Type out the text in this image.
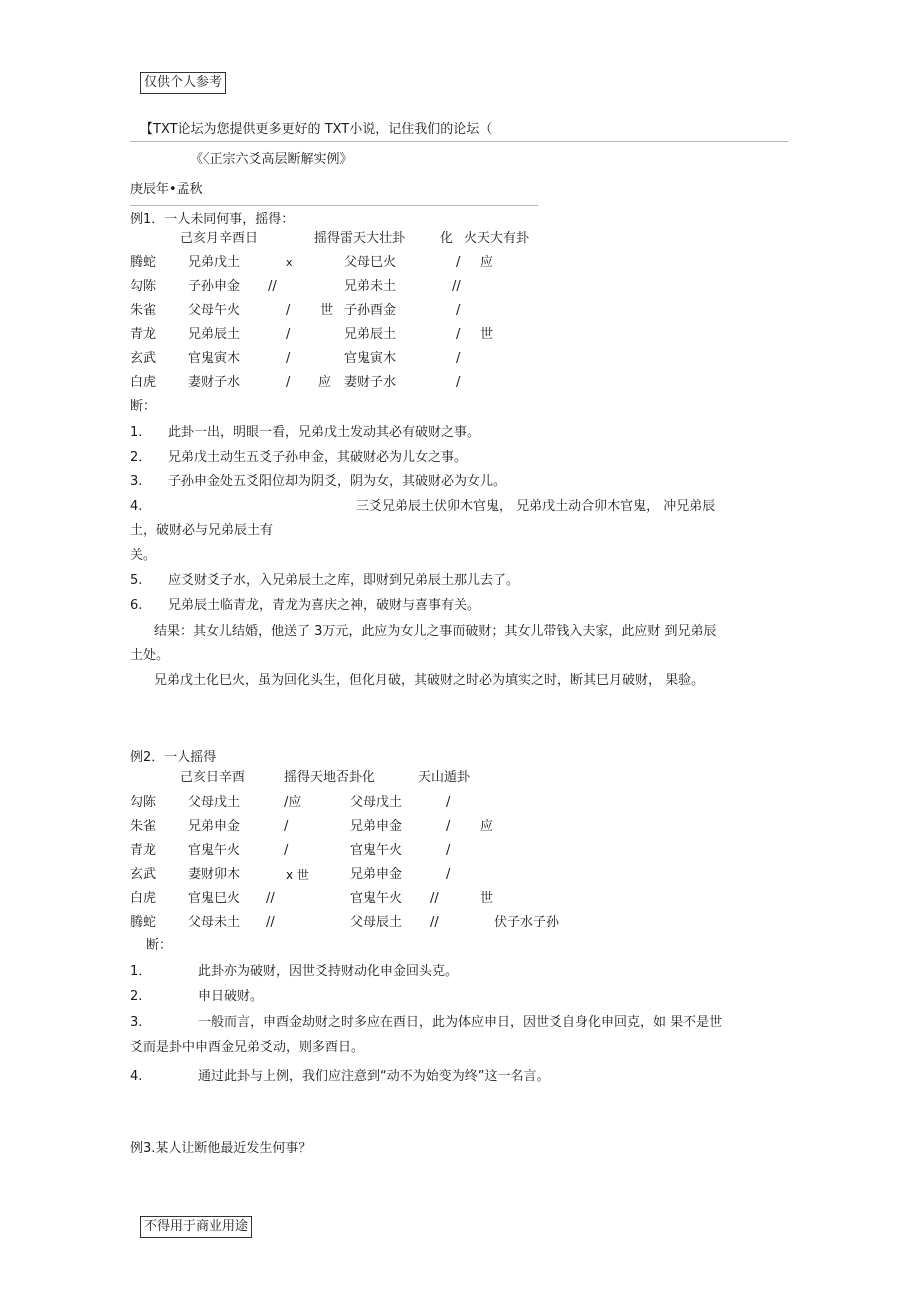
仅供个人参考
【TXT论坛为您提供更多更好的 TXT小说，记住我们的论坛（
《〈正宗六爻高层断解实例》
庚辰年•孟秋
例1．一人未同何事，摇得：
己亥月辛酉日	摇得雷天大壮卦	化 火天大有卦
腾蛇 兄弟戊土	x	父母巳火	/ 应
勾陈 子孙申金 //	兄弟未土	//
朱雀 父母午火	/ 世 子孙酉金	/
青龙 兄弟辰土	/	兄弟辰土	/ 世
玄武 官鬼寅木	/	官鬼寅木	/
白虎 妻财子水	/ 应 妻财子水	/
断：
1. 此卦一出，明眼一看，兄弟戊土发动其必有破财之事。
2． 兄弟戊土动生五爻子孙申金，其破财必为儿女之事。
3. 子孙申金处五爻阳位却为阴爻，阴为女，其破财必为女儿。
4.	三爻兄弟辰土伏卯木官鬼， 兄弟戊土动合卯木官鬼， 冲兄弟辰
土，破财必与兄弟辰土有
关。
5. 应爻财爻子水，入兄弟辰土之库，即财到兄弟辰土那儿去了。
6. 兄弟辰土临青龙，青龙为喜庆之神，破财与喜事有关。
结果：其女儿结婚，他送了 3万元，此应为女儿之事而破财；其女儿带钱入夫家，此应财 到兄弟辰
土处。
兄弟戊土化巳火，虽为回化头生，但化月破，其破财之时必为填实之时，断其巳月破财， 果验。
例2．一人摇得
己亥日辛酉	摇得天地否卦化	天山遁卦
勾陈 父母戊土	/应	父母戊土	/
朱雀 兄弟申金	/	兄弟申金	/ 应
青龙 官鬼午火	/	官鬼午火	/
玄武 妻财卯木	x 世	兄弟申金	/
白虎 官鬼巳火 //	官鬼午火 //	世
腾蛇 父母未土 //	父母辰土 //	伏子水子孙
断：
1．	此卦亦为破财，因世爻持财动化申金回头克。
2.	申日破财。
3.	一般而言，申酉金劫财之时多应在酉日，此为体应申日，因世爻自身化申回克，如 果不是世
爻而是卦中申酉金兄弟爻动，则多酉日。
4.	通过此卦与上例，我们应注意到“动不为始变为终”这一名言。
例3.某人让断他最近发生何事？
不得用于商业用途
